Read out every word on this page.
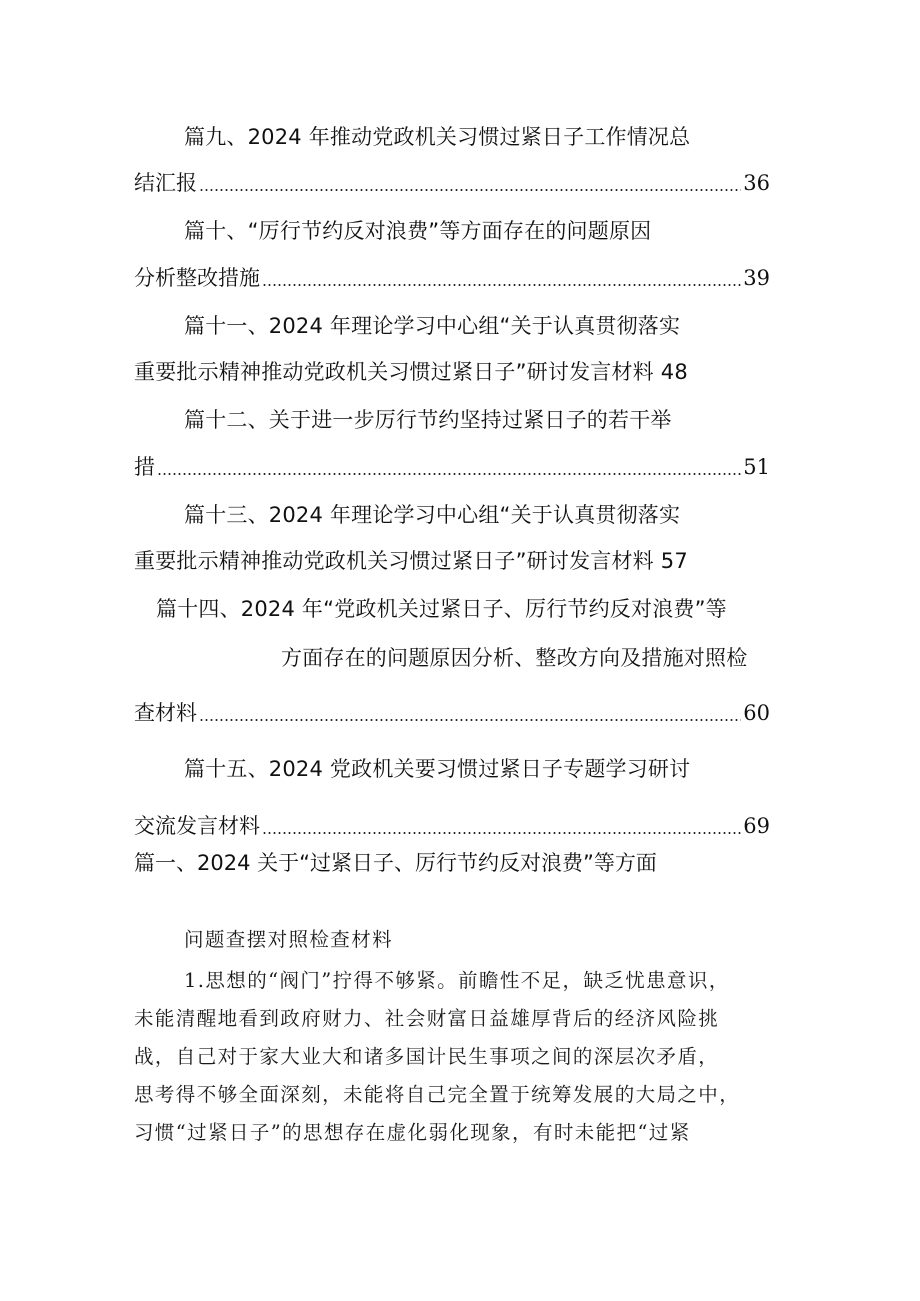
篇九、2024 年推动党政机关习惯过紧日子工作情况总
结汇报	36
篇十、“厉行节约反对浪费”等方面存在的问题原因
分析整改措施	39
篇十一、2024 年理论学习中心组“关于认真贯彻落实
重要批示精神推动党政机关习惯过紧日子”研讨发言材料 48
篇十二、关于进一步厉行节约坚持过紧日子的若干举
措	51
篇十三、2024 年理论学习中心组“关于认真贯彻落实
重要批示精神推动党政机关习惯过紧日子”研讨发言材料 57
篇十四、2024 年“党政机关过紧日子、厉行节约反对浪费”等
方面存在的问题原因分析、整改方向及措施对照检
查材料	60
篇十五、2024 党政机关要习惯过紧日子专题学习研讨
交流发言材料	69
篇一、2024 关于“过紧日子、厉行节约反对浪费”等方面
问题查摆对照检查材料
1.思想的“阀门”拧得不够紧。前瞻性不足，缺乏忧患意识，
未能清醒地看到政府财力、社会财富日益雄厚背后的经济风险挑
战，自己对于家大业大和诸多国计民生事项之间的深层次矛盾，
思考得不够全面深刻，未能将自己完全置于统筹发展的大局之中，
习惯“过紧日子”的思想存在虚化弱化现象，有时未能把“过紧
